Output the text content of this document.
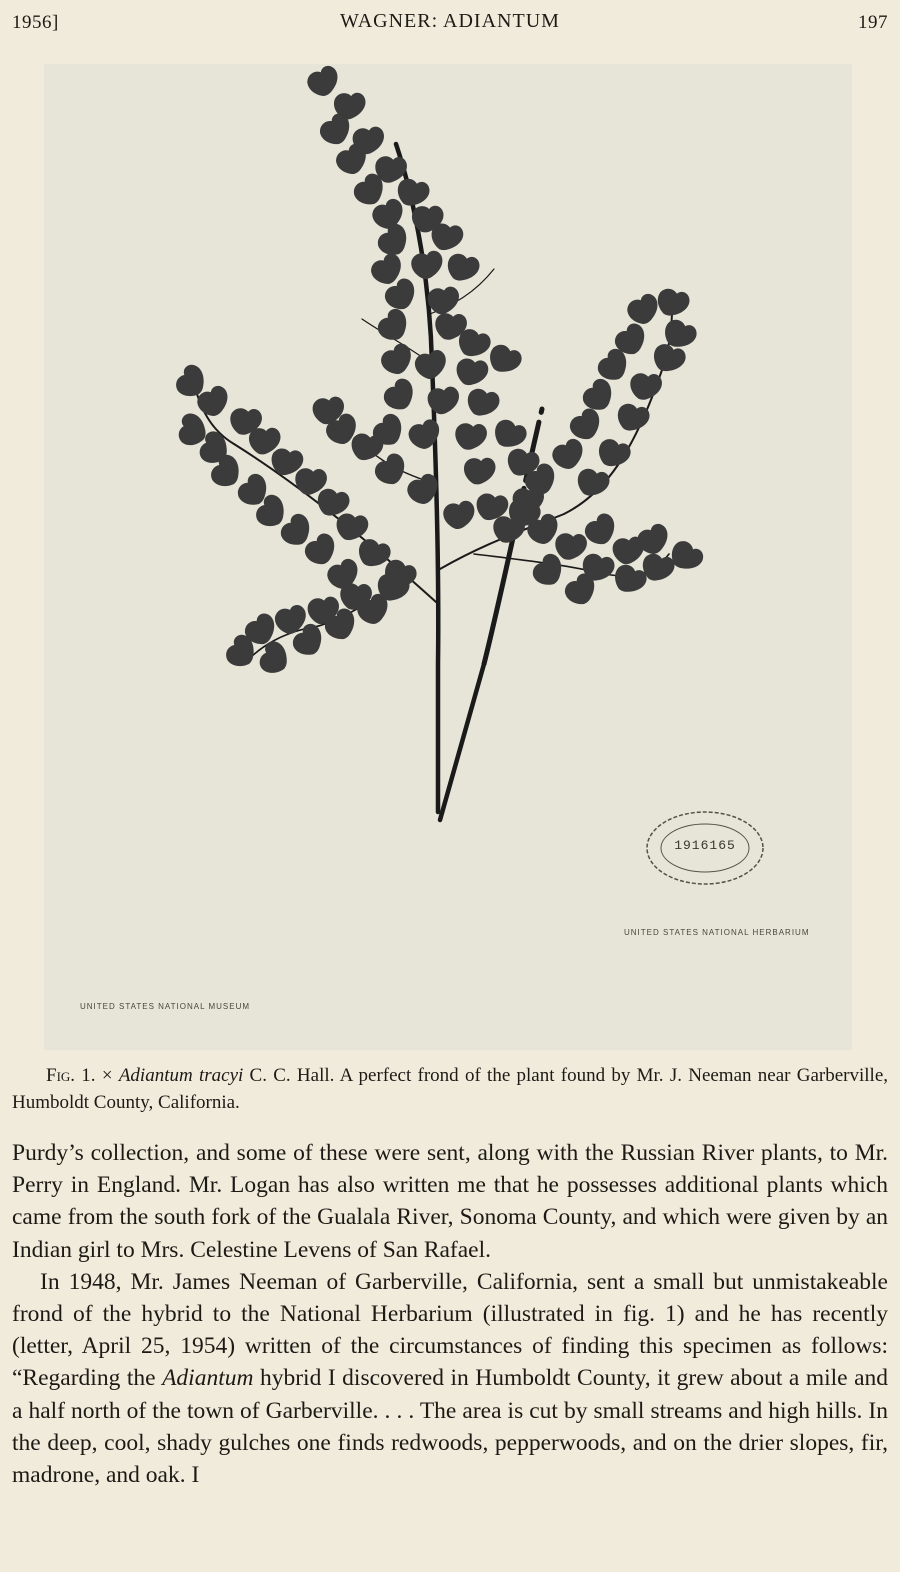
1956]	WAGNER: ADIANTUM	197
UNITED STATES NATIONAL MUSEUM
UNITED STATES NATIONAL HERBARIUM
1916165
Fig. 1. × Adiantum tracyi C. C. Hall. A perfect frond of the plant found by Mr. J. Neeman near Garberville, Humboldt County, California.

Purdy’s collection, and some of these were sent, along with the Russian River plants, to Mr. Perry in England. Mr. Logan has also written me that he possesses additional plants which came from the south fork of the Gualala River, Sonoma County, and which were given by an Indian girl to Mrs. Celestine Levens of San Rafael.

In 1948, Mr. James Neeman of Garberville, California, sent a small but unmistakeable frond of the hybrid to the National Herbarium (illustrated in fig. 1) and he has recently (letter, April 25, 1954) written of the circumstances of finding this specimen as follows: “Regarding the Adiantum hybrid I discovered in Humboldt County, it grew about a mile and a half north of the town of Garberville. . . . The area is cut by small streams and high hills. In the deep, cool, shady gulches one finds redwoods, pepperwoods, and on the drier slopes, fir, madrone, and oak. I
